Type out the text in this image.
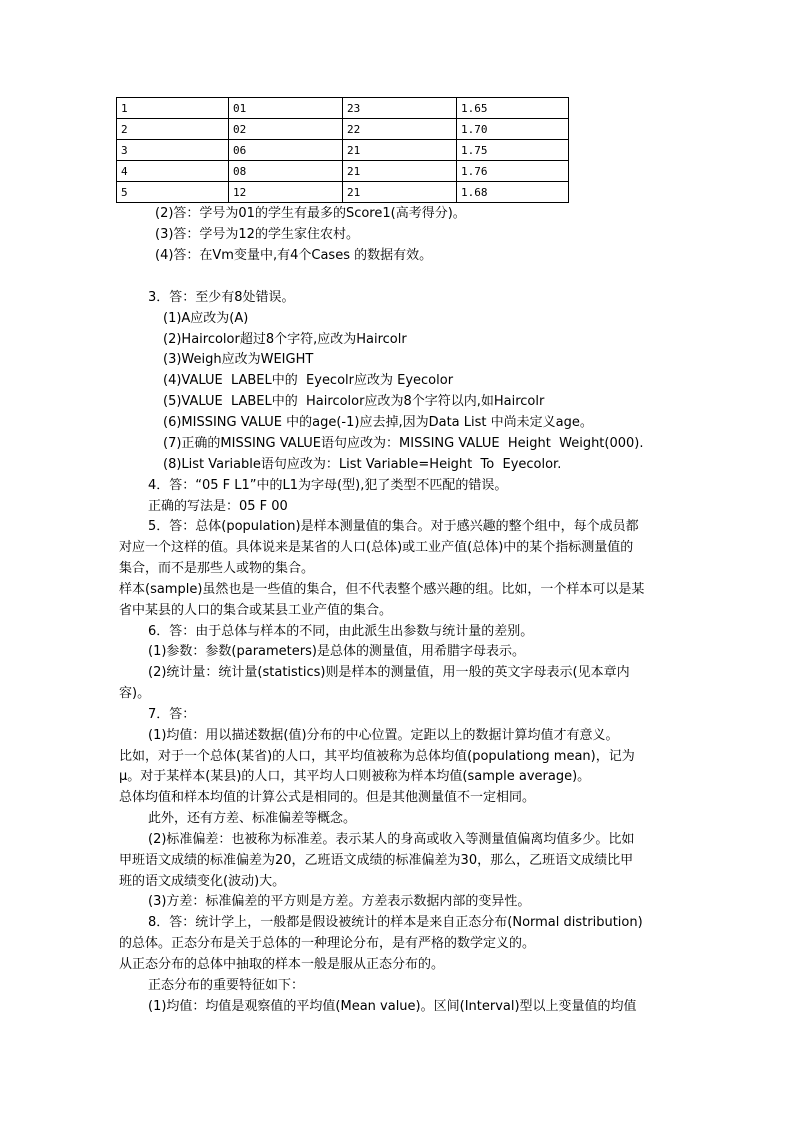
1	01	23	1.65
2	02	22	1.70
3	06	21	1.75
4	08	21	1.76
5	12	21	1.68
(2)答：学号为01的学生有最多的Score1(高考得分)。
(3)答：学号为12的学生家住农村。
(4)答：在Vm变量中,有4个Cases 的数据有效。
3．答：至少有8处错误。
(1)A应改为(A)
(2)Haircolor超过8个字符,应改为Haircolr
(3)Weigh应改为WEIGHT
(4)VALUE  LABEL中的  Eyecolr应改为 Eyecolor
(5)VALUE  LABEL中的  Haircolor应改为8个字符以内,如Haircolr
(6)MISSING VALUE 中的age(-1)应去掉,因为Data List 中尚未定义age。
(7)正确的MISSING VALUE语句应改为：MISSING VALUE  Height  Weight(000).
(8)List Variable语句应改为：List Variable=Height  To  Eyecolor.
4．答：“05 F L1”中的L1为字母(型),犯了类型不匹配的错误。
正确的写法是：05 F 00
5．答：总体(population)是样本测量值的集合。对于感兴趣的整个组中，每个成员都
对应一个这样的值。具体说来是某省的人口(总体)或工业产值(总体)中的某个指标测量值的
集合，而不是那些人或物的集合。
样本(sample)虽然也是一些值的集合，但不代表整个感兴趣的组。比如，一个样本可以是某
省中某县的人口的集合或某县工业产值的集合。
6．答：由于总体与样本的不同，由此派生出参数与统计量的差别。
(1)参数：参数(parameters)是总体的测量值，用希腊字母表示。
(2)统计量：统计量(statistics)则是样本的测量值，用一般的英文字母表示(见本章内
容)。
7．答：
(1)均值：用以描述数据(值)分布的中心位置。定距以上的数据计算均值才有意义。
比如，对于一个总体(某省)的人口，其平均值被称为总体均值(populationg mean)，记为
μ。对于某样本(某县)的人口，其平均人口则被称为样本均值(sample average)。
总体均值和样本均值的计算公式是相同的。但是其他测量值不一定相同。
此外，还有方差、标准偏差等概念。
(2)标准偏差：也被称为标准差。表示某人的身高或收入等测量值偏离均值多少。比如
甲班语文成绩的标准偏差为20，乙班语文成绩的标准偏差为30，那么，乙班语文成绩比甲
班的语文成绩变化(波动)大。
(3)方差：标准偏差的平方则是方差。方差表示数据内部的变异性。
8．答：统计学上，一般都是假设被统计的样本是来自正态分布(Normal distribution)
的总体。正态分布是关于总体的一种理论分布，是有严格的数学定义的。
从正态分布的总体中抽取的样本一般是服从正态分布的。
正态分布的重要特征如下：
(1)均值：均值是观察值的平均值(Mean value)。区间(Interval)型以上变量值的均值
